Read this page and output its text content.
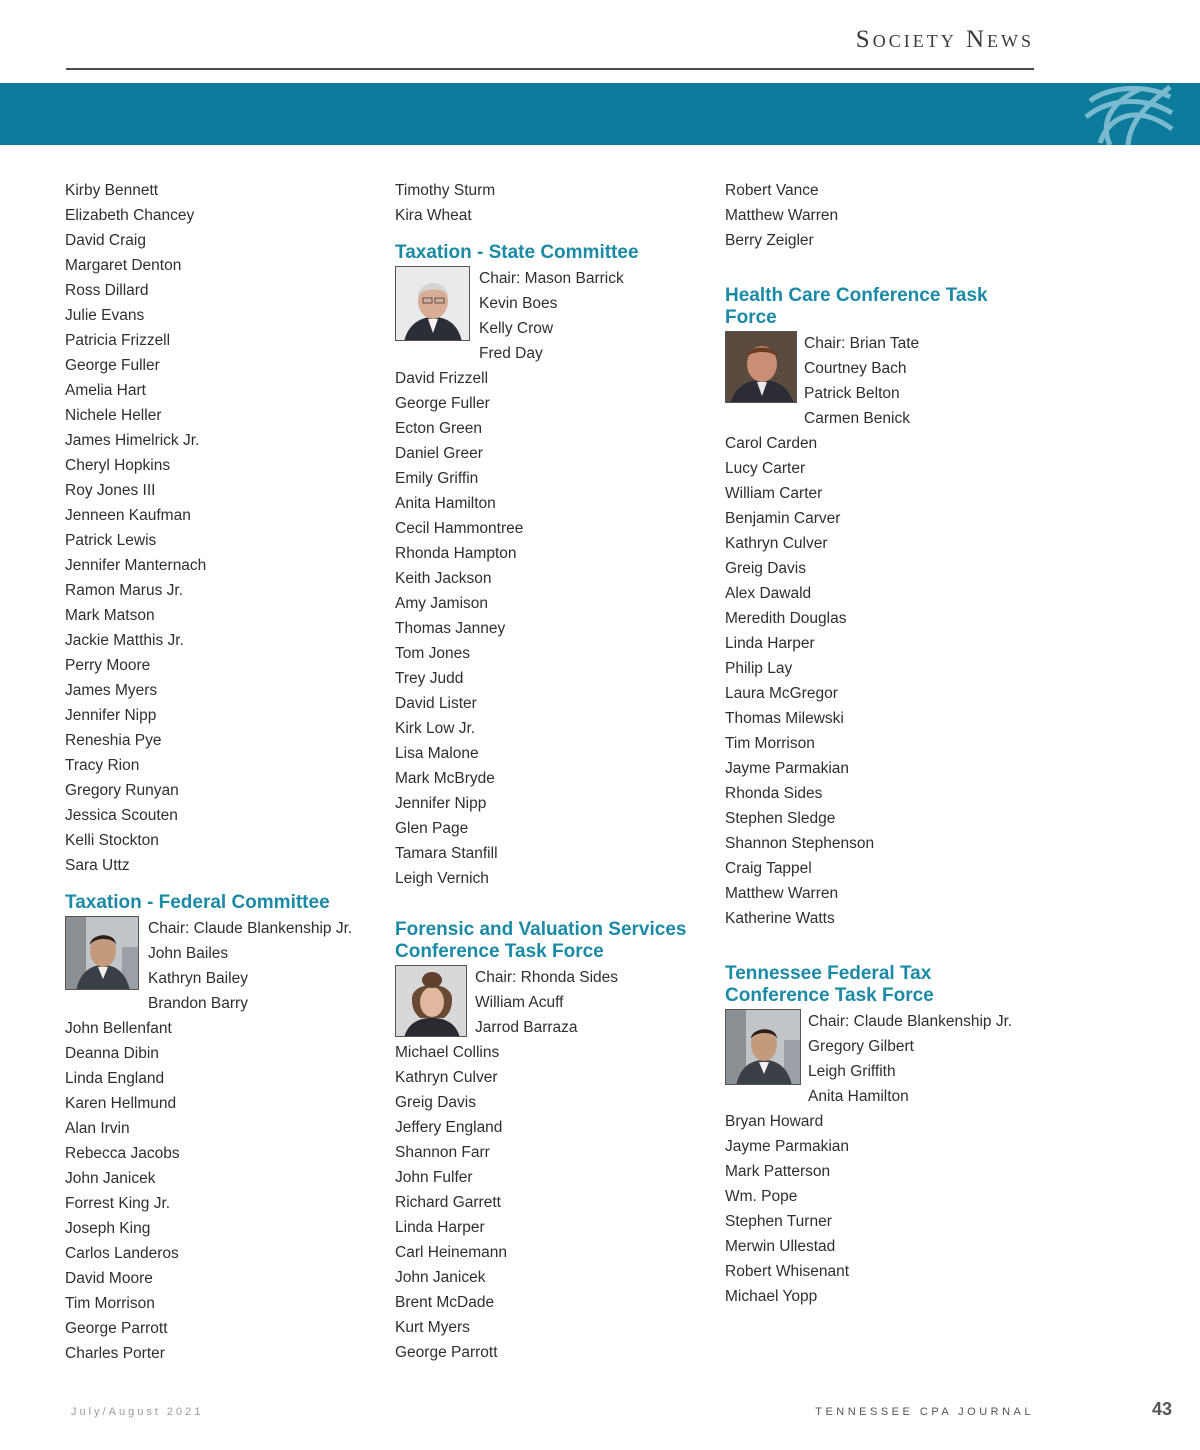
Society News
Kirby Bennett
Elizabeth Chancey
David Craig
Margaret Denton
Ross Dillard
Julie Evans
Patricia Frizzell
George Fuller
Amelia Hart
Nichele Heller
James Himelrick Jr.
Cheryl Hopkins
Roy Jones III
Jenneen Kaufman
Patrick Lewis
Jennifer Manternach
Ramon Marus Jr.
Mark Matson
Jackie Matthis Jr.
Perry Moore
James Myers
Jennifer Nipp
Reneshia Pye
Tracy Rion
Gregory Runyan
Jessica Scouten
Kelli Stockton
Sara Uttz
Taxation - Federal Committee
Chair: Claude Blankenship Jr.
John Bailes
Kathryn Bailey
Brandon Barry
John Bellenfant
Deanna Dibin
Linda England
Karen Hellmund
Alan Irvin
Rebecca Jacobs
John Janicek
Forrest King Jr.
Joseph King
Carlos Landeros
David Moore
Tim Morrison
George Parrott
Charles Porter
Timothy Sturm
Kira Wheat
Taxation - State Committee
Chair: Mason Barrick
Kevin Boes
Kelly Crow
Fred Day
David Frizzell
George Fuller
Ecton Green
Daniel Greer
Emily Griffin
Anita Hamilton
Cecil Hammontree
Rhonda Hampton
Keith Jackson
Amy Jamison
Thomas Janney
Tom Jones
Trey Judd
David Lister
Kirk Low Jr.
Lisa Malone
Mark McBryde
Jennifer Nipp
Glen Page
Tamara Stanfill
Leigh Vernich
Forensic and Valuation Services
Conference Task Force
Chair: Rhonda Sides
William Acuff
Jarrod Barraza
Michael Collins
Kathryn Culver
Greig Davis
Jeffery England
Shannon Farr
John Fulfer
Richard Garrett
Linda Harper
Carl Heinemann
John Janicek
Brent McDade
Kurt Myers
George Parrott
Robert Vance
Matthew Warren
Berry Zeigler
Health Care Conference Task
Force
Chair: Brian Tate
Courtney Bach
Patrick Belton
Carmen Benick
Carol Carden
Lucy Carter
William Carter
Benjamin Carver
Kathryn Culver
Greig Davis
Alex Dawald
Meredith Douglas
Linda Harper
Philip Lay
Laura McGregor
Thomas Milewski
Tim Morrison
Jayme Parmakian
Rhonda Sides
Stephen Sledge
Shannon Stephenson
Craig Tappel
Matthew Warren
Katherine Watts
Tennessee Federal Tax
Conference Task Force
Chair: Claude Blankenship Jr.
Gregory Gilbert
Leigh Griffith
Anita Hamilton
Bryan Howard
Jayme Parmakian
Mark Patterson
Wm. Pope
Stephen Turner
Merwin Ullestad
Robert Whisenant
Michael Yopp
July/August 2021	TENNESSEE CPA JOURNAL	43
